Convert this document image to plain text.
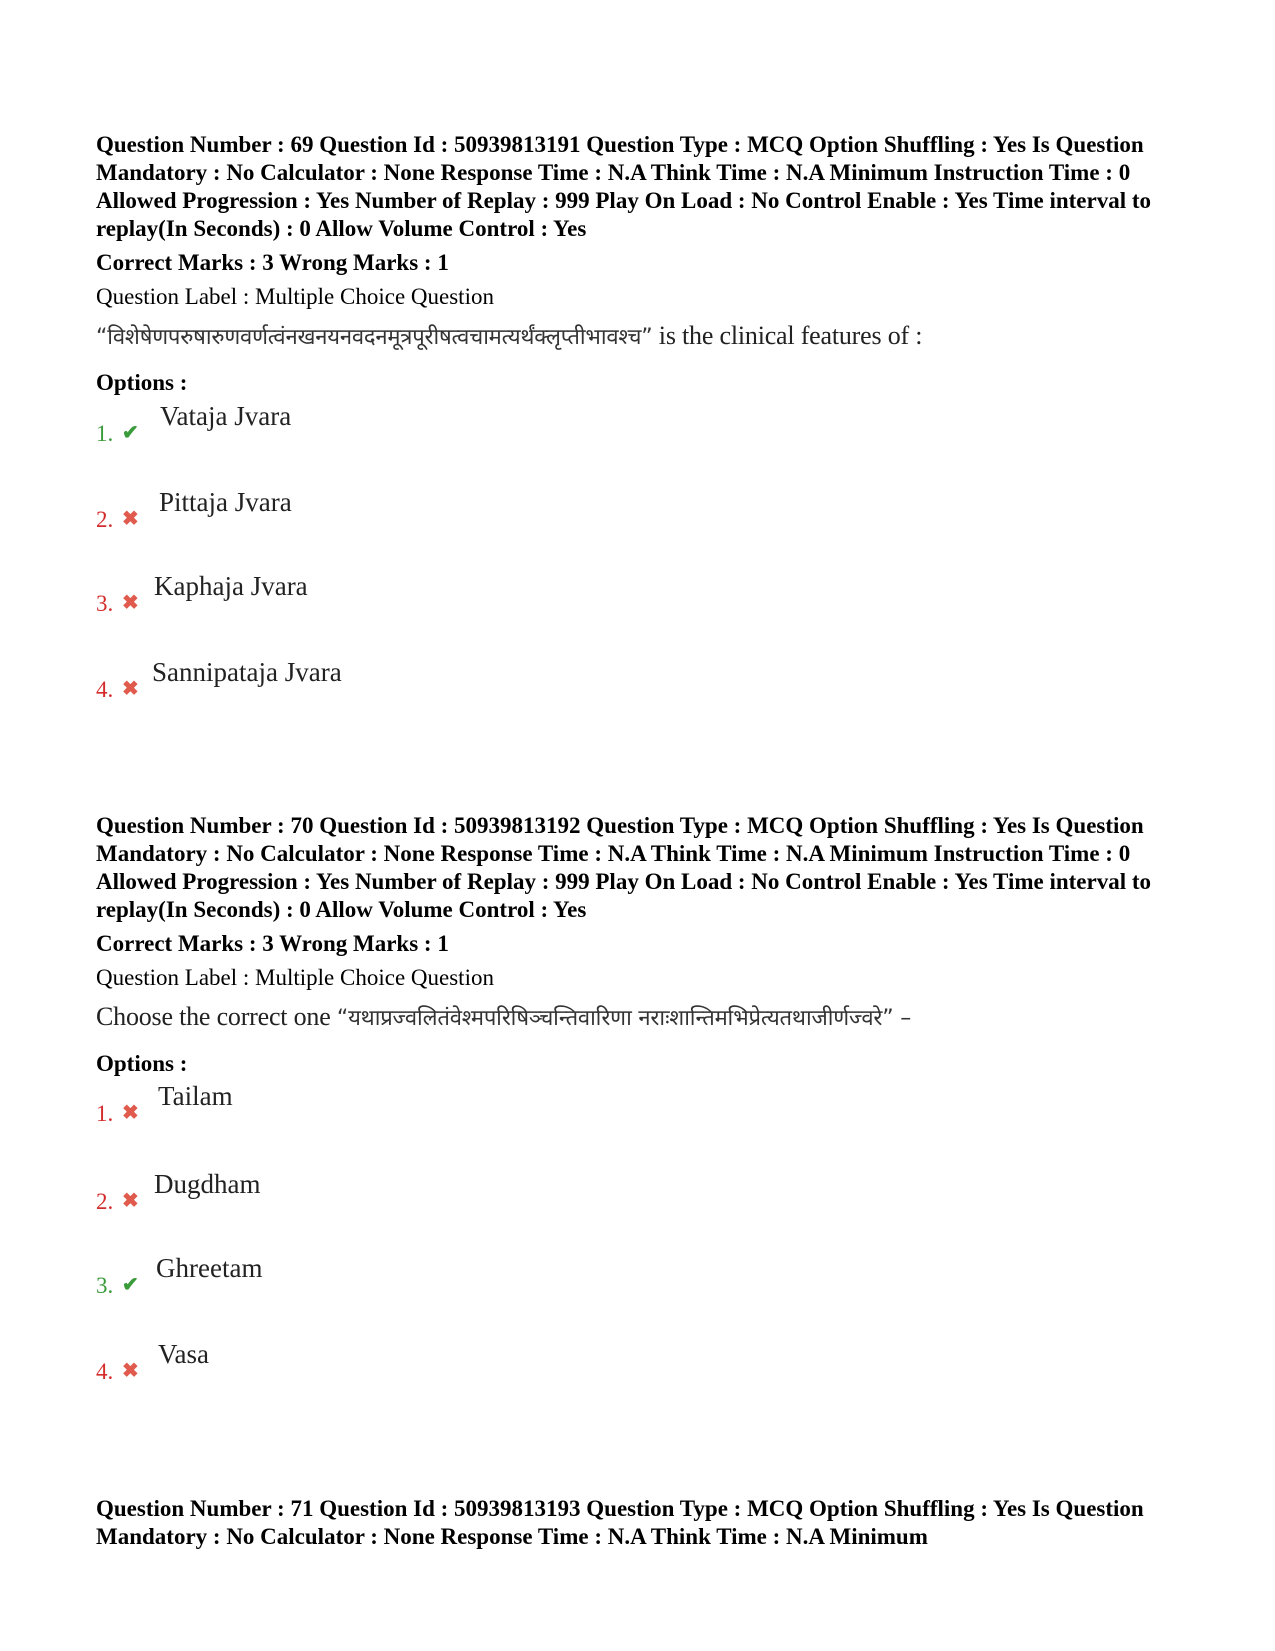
Question Number : 69 Question Id : 50939813191 Question Type : MCQ Option Shuffling : Yes Is Question Mandatory : No Calculator : None Response Time : N.A Think Time : N.A Minimum Instruction Time : 0 Allowed Progression : Yes Number of Replay : 999 Play On Load : No Control Enable : Yes Time interval to replay(In Seconds) : 0 Allow Volume Control : Yes

Correct Marks : 3 Wrong Marks : 1
Question Label : Multiple Choice Question
“विशेषेणपरुषारुणवर्णत्वंनखनयनवदनमूत्रपूरीषत्वचामत्यर्थंक्लृप्तीभावश्च” is the clinical features of :
Options :
1. ✔
Vataja Jvara
2. ✖
Pittaja Jvara
3. ✖
Kaphaja Jvara
4. ✖
Sannipataja Jvara

Question Number : 70 Question Id : 50939813192 Question Type : MCQ Option Shuffling : Yes Is Question Mandatory : No Calculator : None Response Time : N.A Think Time : N.A Minimum Instruction Time : 0 Allowed Progression : Yes Number of Replay : 999 Play On Load : No Control Enable : Yes Time interval to replay(In Seconds) : 0 Allow Volume Control : Yes

Correct Marks : 3 Wrong Marks : 1
Question Label : Multiple Choice Question
Choose the correct one “यथाप्रज्वलितंवेश्मपरिषिञ्चन्तिवारिणा नराःशान्तिमभिप्रेत्यतथाजीर्णज्वरे” –
Options :
1. ✖
Tailam
2. ✖
Dugdham
3. ✔
Ghreetam
4. ✖
Vasa

Question Number : 71 Question Id : 50939813193 Question Type : MCQ Option Shuffling : Yes Is Question Mandatory : No Calculator : None Response Time : N.A Think Time : N.A Minimum
